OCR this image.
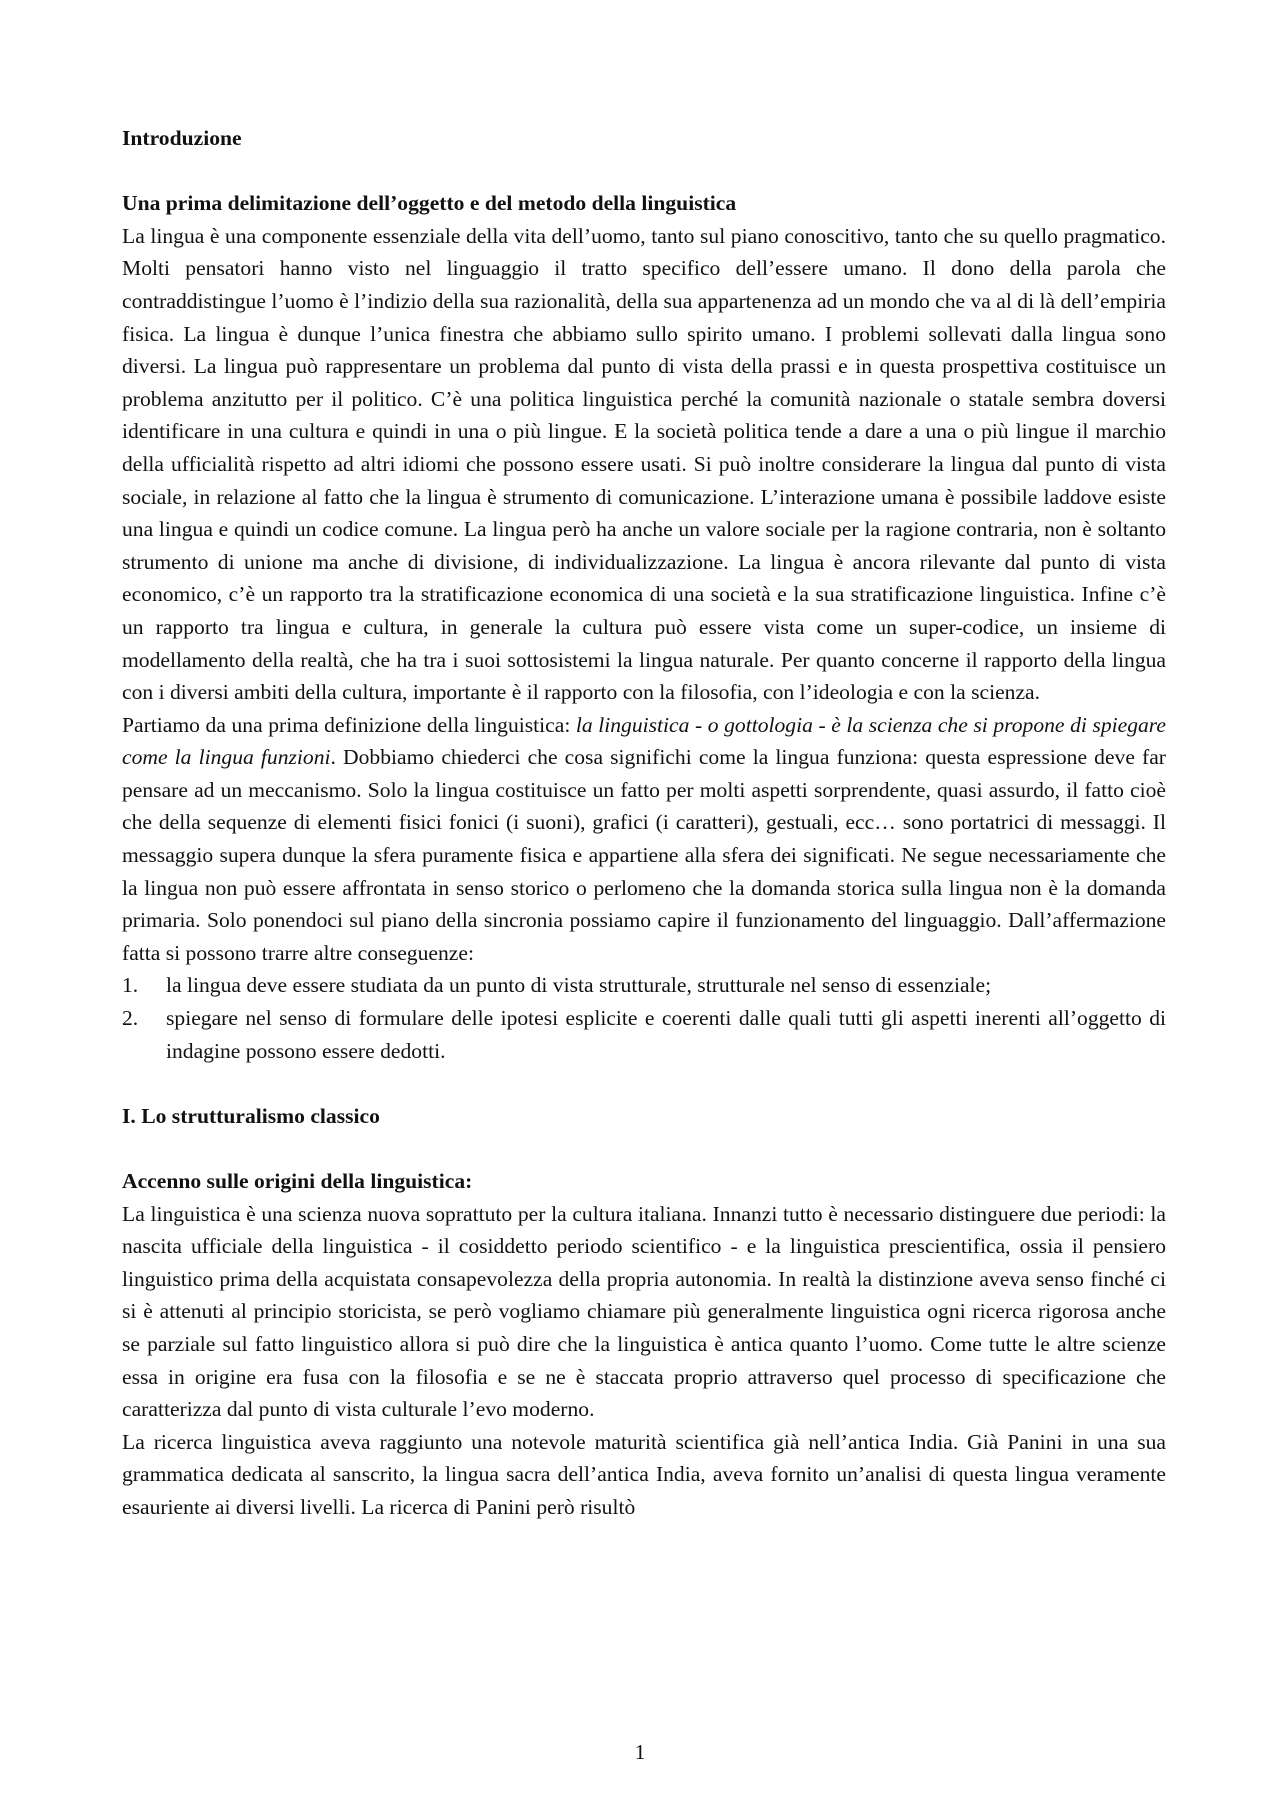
Introduzione

Una prima delimitazione dell’oggetto e del metodo della linguistica

La lingua è una componente essenziale della vita dell’uomo, tanto sul piano conoscitivo, tanto che su quello pragmatico. Molti pensatori hanno visto nel linguaggio il tratto specifico dell’essere umano. Il dono della parola che contraddistingue l’uomo è l’indizio della sua razionalità, della sua appartenenza ad un mondo che va al di là dell’empiria fisica. La lingua è dunque l’unica finestra che abbiamo sullo spirito umano. I problemi sollevati dalla lingua sono diversi. La lingua può rappresentare un problema dal punto di vista della prassi e in questa prospettiva costituisce un problema anzitutto per il politico. C’è una politica linguistica perché la comunità nazionale o statale sembra doversi identificare in una cultura e quindi in una o più lingue. E la società politica tende a dare a una o più lingue il marchio della ufficialità rispetto ad altri idiomi che possono essere usati. Si può inoltre considerare la lingua dal punto di vista sociale, in relazione al fatto che la lingua è strumento di comunicazione. L’interazione umana è possibile laddove esiste una lingua e quindi un codice comune. La lingua però ha anche un valore sociale per la ragione contraria, non è soltanto strumento di unione ma anche di divisione, di individualizzazione. La lingua è ancora rilevante dal punto di vista economico, c’è un rapporto tra la stratificazione economica di una società e la sua stratificazione linguistica. Infine c’è un rapporto tra lingua e cultura, in generale la cultura può essere vista come un super-codice, un insieme di modellamento della realtà, che ha tra i suoi sottosistemi la lingua naturale. Per quanto concerne il rapporto della lingua con i diversi ambiti della cultura, importante è il rapporto con la filosofia, con l’ideologia e con la scienza.

Partiamo da una prima definizione della linguistica: la linguistica - o gottologia - è la scienza che si propone di spiegare come la lingua funzioni. Dobbiamo chiederci che cosa significhi come la lingua funziona: questa espressione deve far pensare ad un meccanismo. Solo la lingua costituisce un fatto per molti aspetti sorprendente, quasi assurdo, il fatto cioè che della sequenze di elementi fisici fonici (i suoni), grafici (i caratteri), gestuali, ecc… sono portatrici di messaggi. Il messaggio supera dunque la sfera puramente fisica e appartiene alla sfera dei significati. Ne segue necessariamente che la lingua non può essere affrontata in senso storico o perlomeno che la domanda storica sulla lingua non è la domanda primaria. Solo ponendoci sul piano della sincronia possiamo capire il funzionamento del linguaggio. Dall’affermazione fatta si possono trarre altre conseguenze:

1. la lingua deve essere studiata da un punto di vista strutturale, strutturale nel senso di essenziale;
2. spiegare nel senso di formulare delle ipotesi esplicite e coerenti dalle quali tutti gli aspetti inerenti all’oggetto di indagine possono essere dedotti.

I. Lo strutturalismo classico

Accenno sulle origini della linguistica:

La linguistica è una scienza nuova soprattuto per la cultura italiana. Innanzi tutto è necessario distinguere due periodi: la nascita ufficiale della linguistica - il cosiddetto periodo scientifico - e la linguistica prescientifica, ossia il pensiero linguistico prima della acquistata consapevolezza della propria autonomia. In realtà la distinzione aveva senso finché ci si è attenuti al principio storicista, se però vogliamo chiamare più generalmente linguistica ogni ricerca rigorosa anche se parziale sul fatto linguistico allora si può dire che la linguistica è antica quanto l’uomo. Come tutte le altre scienze essa in origine era fusa con la filosofia e se ne è staccata proprio attraverso quel processo di specificazione che caratterizza dal punto di vista culturale l’evo moderno.

La ricerca linguistica aveva raggiunto una notevole maturità scientifica già nell’antica India. Già Panini in una sua grammatica dedicata al sanscrito, la lingua sacra dell’antica India, aveva fornito un’analisi di questa lingua veramente esauriente ai diversi livelli. La ricerca di Panini però risultò

1
